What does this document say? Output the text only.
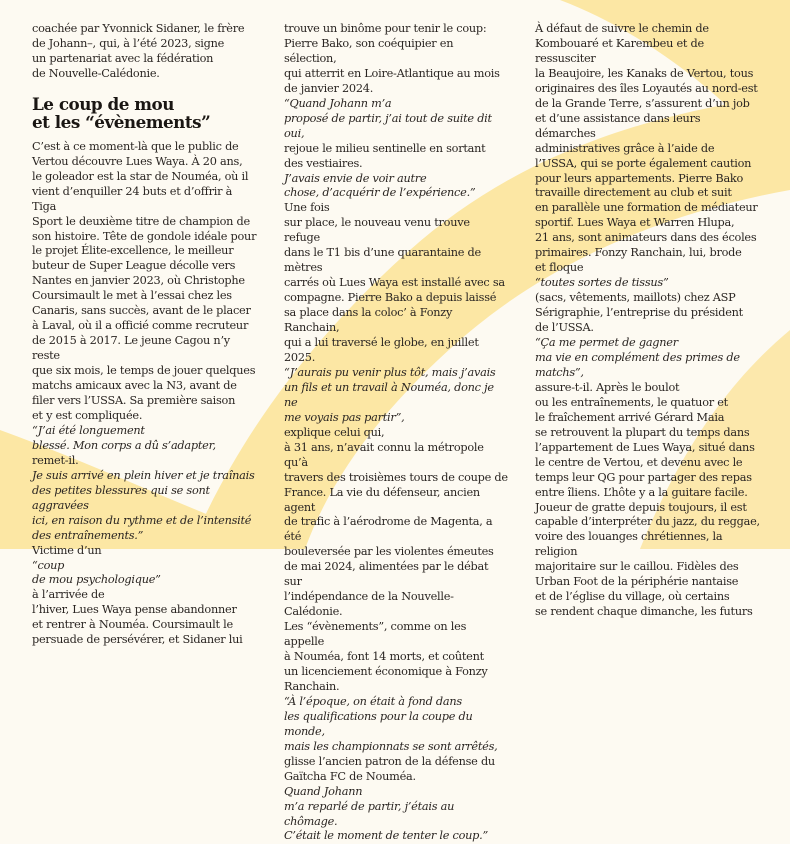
coachée par Yvonnick Sidaner, le frère
de Johann–, qui, à l’été 2023, signe
un partenariat avec la fédération
de Nouvelle-Calédonie.

Le coup de mou
et les “évènements”

C’est à ce moment-là que le public de
Vertou découvre Lues Waya. À 20 ans,
le goleador est la star de Nouméa, où il
vient d’enquiller 24 buts et d’offrir à Tiga
Sport le deuxième titre de champion de
son histoire. Tête de gondole idéale pour
le projet Élite-excellence, le meilleur
buteur de Super League décolle vers
Nantes en janvier 2023, où Christophe
Coursimault le met à l’essai chez les
Canaris, sans succès, avant de le placer
à Laval, où il a officié comme recruteur
de 2015 à 2017. Le jeune Cagou n’y reste
que six mois, le temps de jouer quelques
matchs amicaux avec la N3, avant de
filer vers l’USSA. Sa première saison
et y est compliquée.

“J’ai été longuement
blessé. Mon corps a dû s’adapter,

remet-il.

Je suis arrivé en plein hiver et je traînais
des petites blessures qui se sont aggravées
ici, en raison du rythme et de l’intensité
des entraînements.”

Victime d’un

“coup
de mou psychologique”

à l’arrivée de
l’hiver, Lues Waya pense abandonner
et rentrer à Nouméa. Coursimault le
persuade de persévérer, et Sidaner lui

trouve un binôme pour tenir le coup:
Pierre Bako, son coéquipier en sélection,
qui atterrit en Loire-Atlantique au mois
de janvier 2024.

“Quand Johann m’a
proposé de partir, j’ai tout de suite dit
oui,

rejoue le milieu sentinelle en sortant
des vestiaires.

J’avais envie de voir autre
chose, d’acquérir de l’expérience.”

Une fois
sur place, le nouveau venu trouve refuge
dans le T1 bis d’une quarantaine de mètres
carrés où Lues Waya est installé avec sa
compagne. Pierre Bako a depuis laissé
sa place dans la coloc’ à Fonzy Ranchain,
qui a lui traversé le globe, en juillet 2025.

“J’aurais pu venir plus tôt, mais j’avais
un fils et un travail à Nouméa, donc je ne
me voyais pas partir”,

explique celui qui,
à 31 ans, n’avait connu la métropole qu’à
travers des troisièmes tours de coupe de
France. La vie du défenseur, ancien agent
de trafic à l’aérodrome de Magenta, a été
bouleversée par les violentes émeutes
de mai 2024, alimentées par le débat sur
l’indépendance de la Nouvelle-Calédonie.
Les “évènements”, comme on les appelle
à Nouméa, font 14 morts, et coûtent
un licenciement économique à Fonzy
Ranchain.

“À l’époque, on était à fond dans
les qualifications pour la coupe du monde,
mais les championnats se sont arrêtés,

glisse l’ancien patron de la défense du
Gaïtcha FC de Nouméa.

Quand Johann
m’a reparlé de partir, j’étais au chômage.
C’était le moment de tenter le coup.”

À défaut de suivre le chemin de
Kombouaré et Karembeu et de ressusciter
la Beaujoire, les Kanaks de Vertou, tous
originaires des îles Loyautés au nord-est
de la Grande Terre, s’assurent d’un job
et d’une assistance dans leurs démarches
administratives grâce à l’aide de
l’USSA, qui se porte également caution
pour leurs appartements. Pierre Bako
travaille directement au club et suit
en parallèle une formation de médiateur
sportif. Lues Waya et Warren Hlupa,
21 ans, sont animateurs dans des écoles
primaires. Fonzy Ranchain, lui, brode
et floque

“toutes sortes de tissus”

(sacs, vêtements, maillots) chez ASP
Sérigraphie, l’entreprise du président
de l’USSA.

“Ça me permet de gagner
ma vie en complément des primes de
matchs”,

assure-t-il. Après le boulot
ou les entraînements, le quatuor et
le fraîchement arrivé Gérard Maia
se retrouvent la plupart du temps dans
l’appartement de Lues Waya, situé dans
le centre de Vertou, et devenu avec le
temps leur QG pour partager des repas
entre îliens. L’hôte y a la guitare facile.
Joueur de gratte depuis toujours, il est
capable d’interpréter du jazz, du reggae,
voire des louanges chrétiennes, la religion
majoritaire sur le caillou. Fidèles des
Urban Foot de la périphérie nantaise
et de l’église du village, où certains
se rendent chaque dimanche, les futurs
